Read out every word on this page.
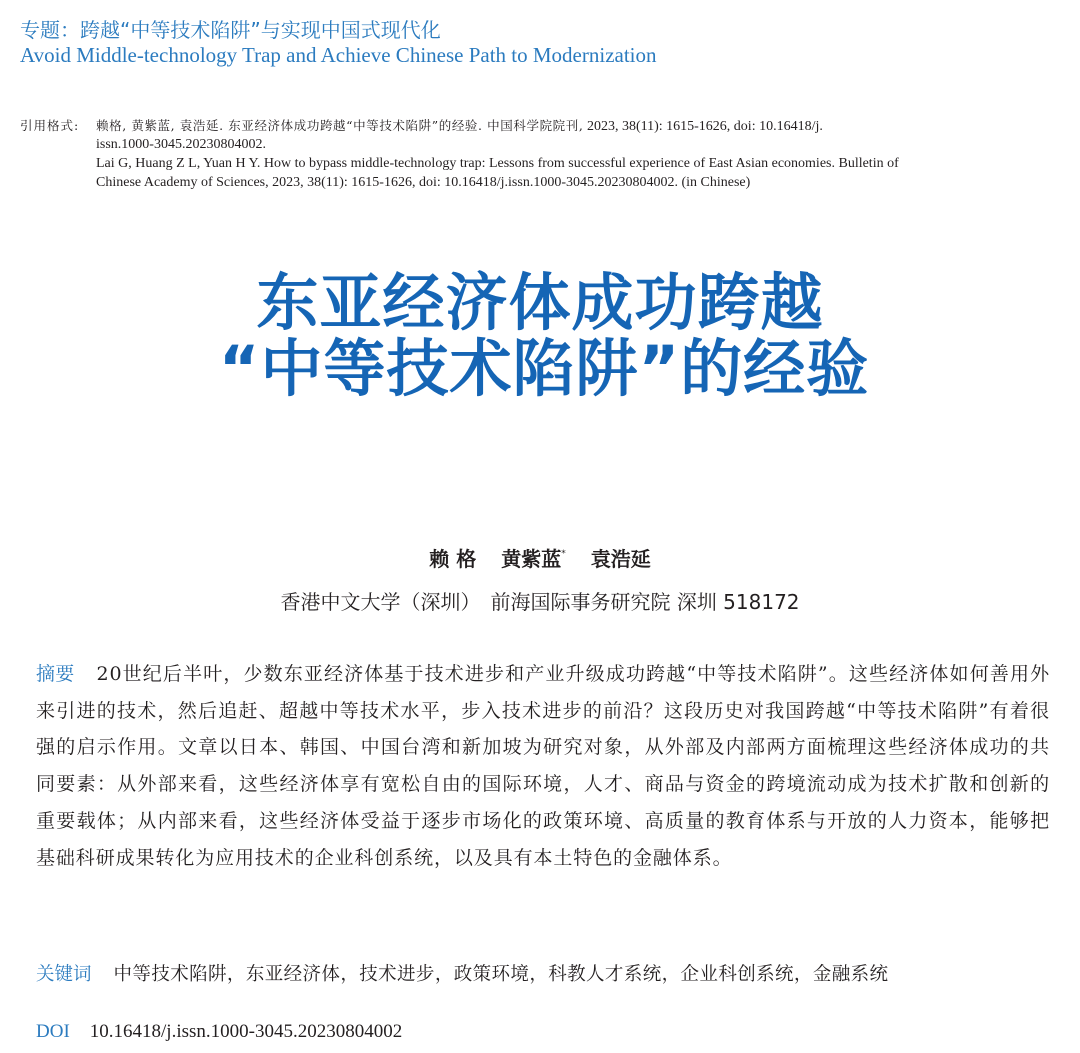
专题：跨越“中等技术陷阱”与实现中国式现代化
Avoid Middle-technology Trap and Achieve Chinese Path to Modernization
引用格式: 赖格, 黄紫蓝, 袁浩延. 东亚经济体成功跨越“中等技术陷阱”的经验. 中国科学院院刊, 2023, 38(11): 1615-1626, doi: 10.16418/j.
issn.1000-3045.20230804002.
Lai G, Huang Z L, Yuan H Y. How to bypass middle-technology trap: Lessons from successful experience of East Asian economies. Bulletin of
Chinese Academy of Sciences, 2023, 38(11): 1615-1626, doi: 10.16418/j.issn.1000-3045.20230804002. (in Chinese)
东亚经济体成功跨越
“中等技术陷阱”的经验
赖 格 黄紫蓝* 袁浩延
香港中文大学（深圳）　前海国际事务研究院 深圳 518172
摘要 20世纪后半叶，少数东亚经济体基于技术进步和产业升级成功跨越“中等技术陷阱”。这些经济体如何善用外来引进的技术，然后追赶、超越中等技术水平，步入技术进步的前沿？这段历史对我国跨越“中等技术陷阱”有着很强的启示作用。文章以日本、韩国、中国台湾和新加坡为研究对象，从外部及内部两方面梳理这些经济体成功的共同要素：从外部来看，这些经济体享有宽松自由的国际环境，人才、商品与资金的跨境流动成为技术扩散和创新的重要载体；从内部来看，这些经济体受益于逐步市场化的政策环境、高质量的教育体系与开放的人力资本，能够把基础科研成果转化为应用技术的企业科创系统，以及具有本土特色的金融体系。
关键词 中等技术陷阱，东亚经济体，技术进步，政策环境，科教人才系统，企业科创系统，金融系统
DOI 10.16418/j.issn.1000-3045.20230804002
